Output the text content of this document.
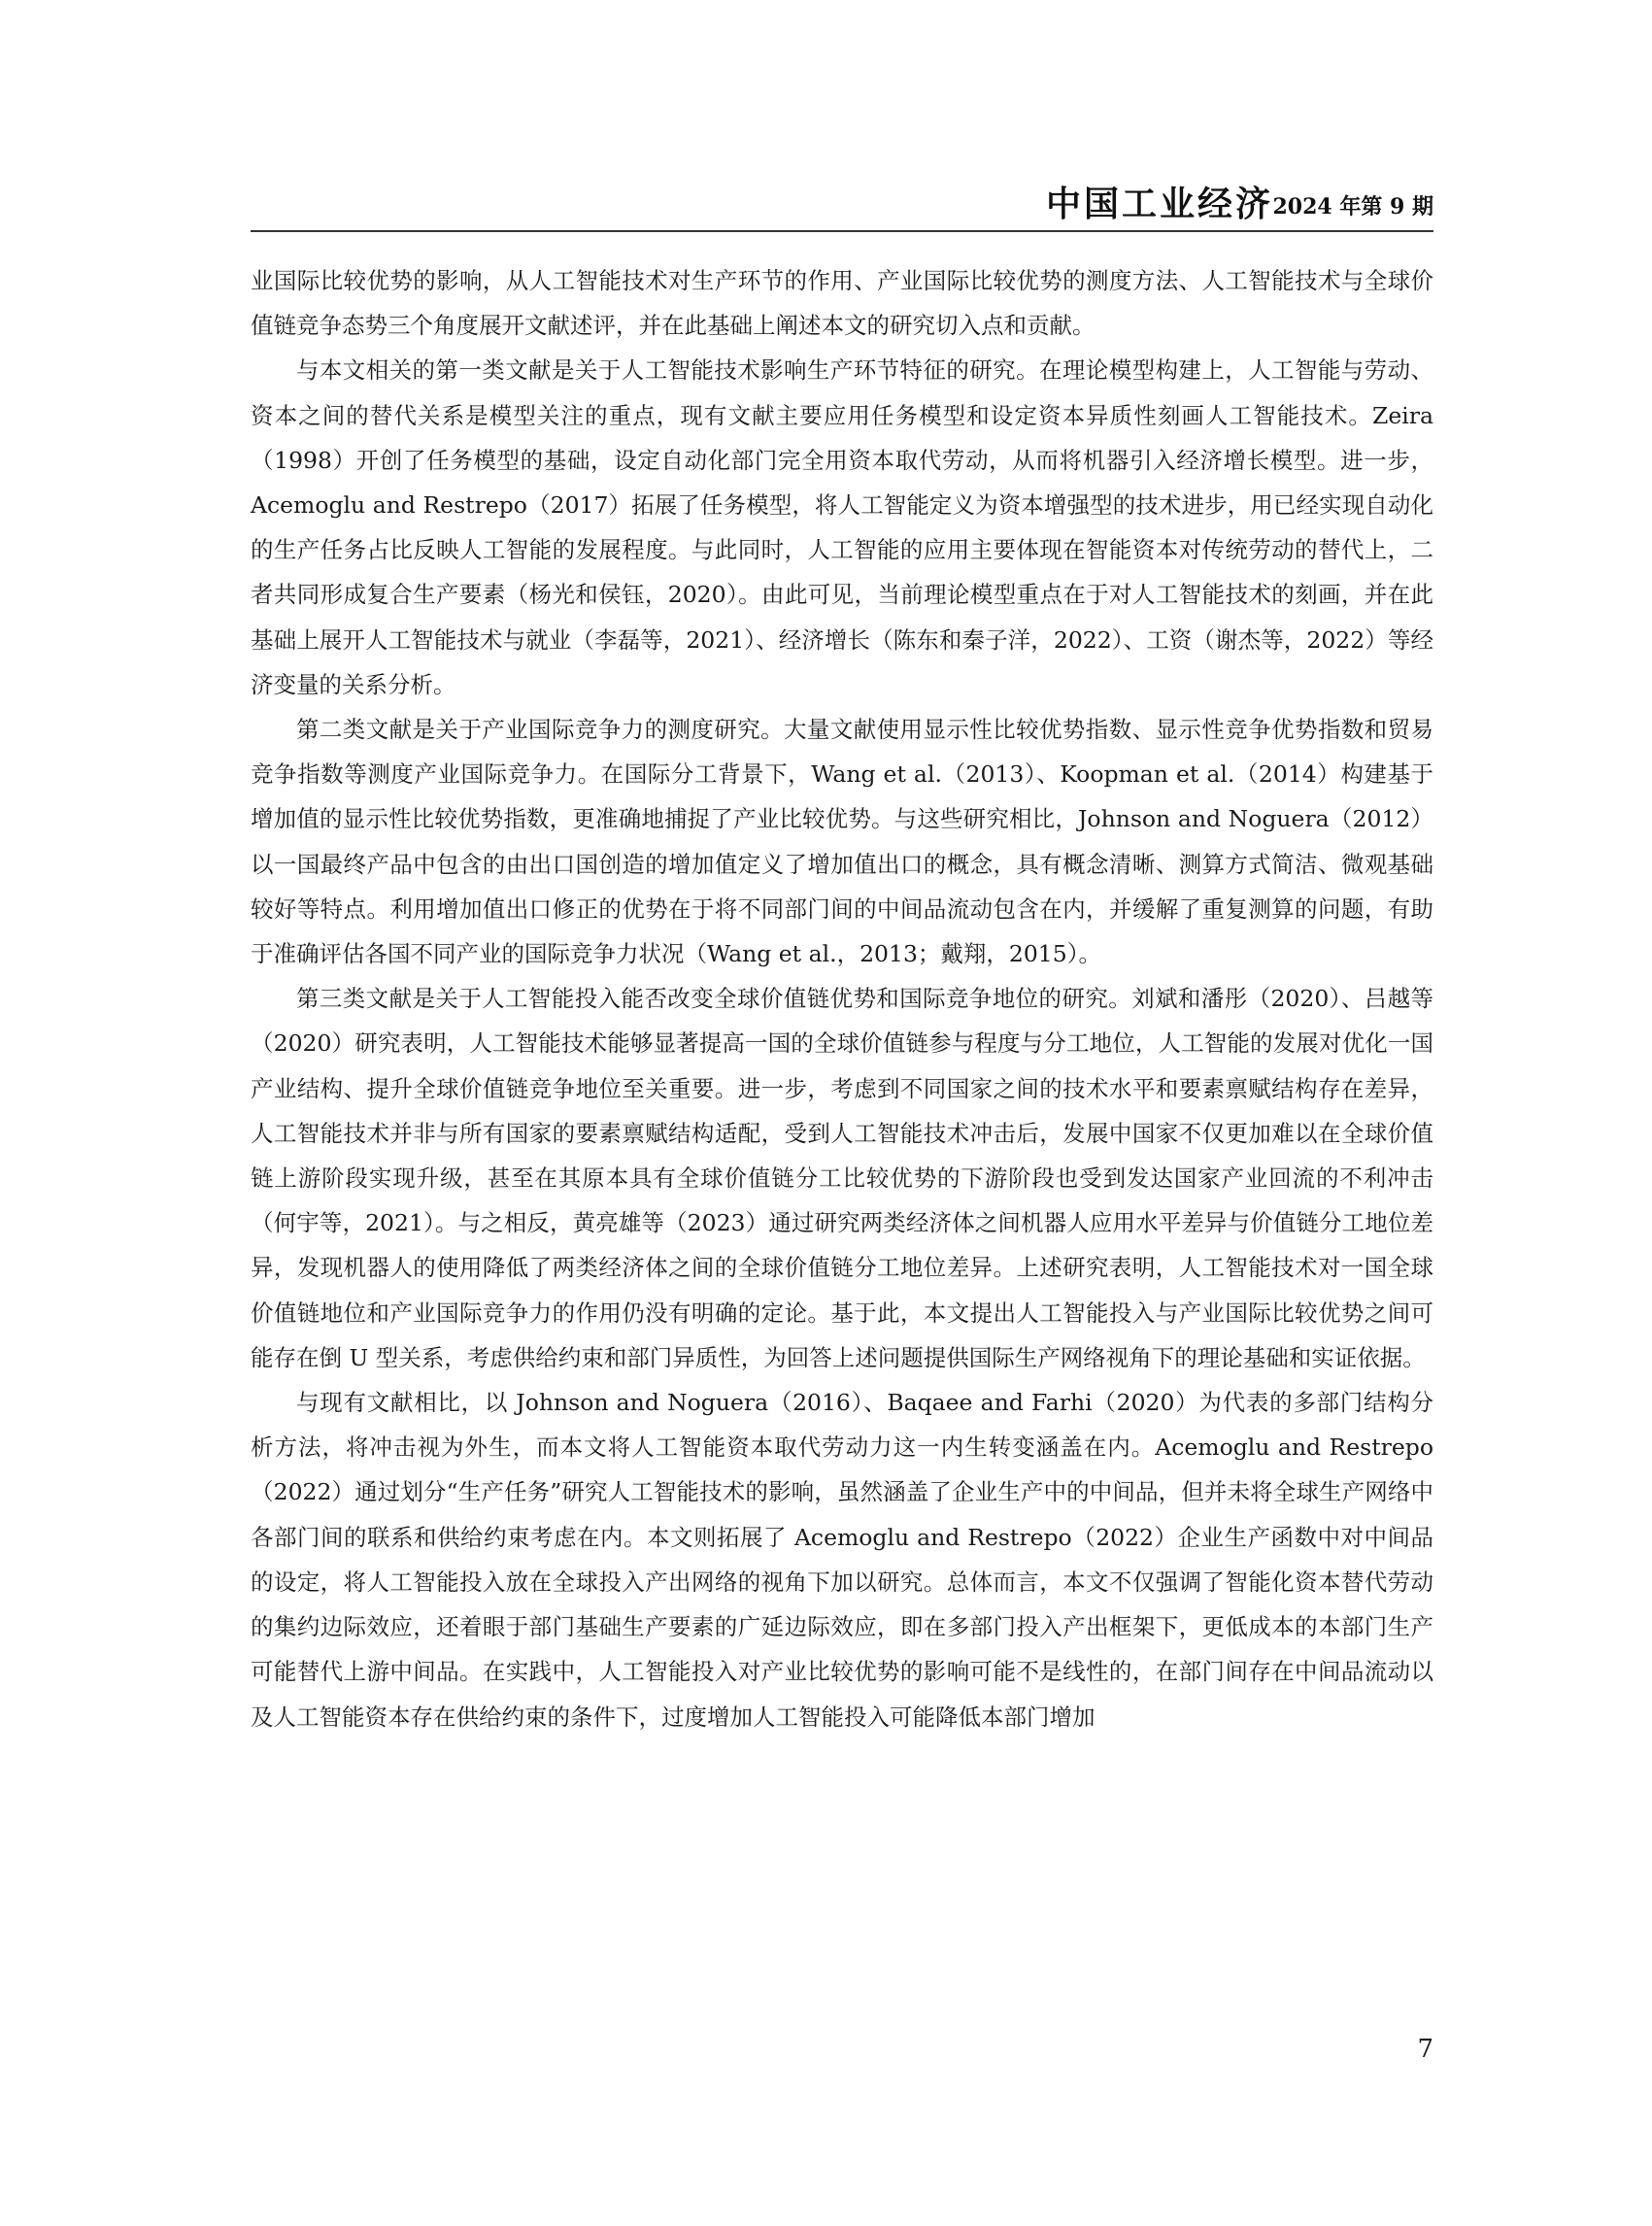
中国工业经济 2024 年第 9 期

业国际比较优势的影响，从人工智能技术对生产环节的作用、产业国际比较优势的测度方法、人工智能技术与全球价值链竞争态势三个角度展开文献述评，并在此基础上阐述本文的研究切入点和贡献。

与本文相关的第一类文献是关于人工智能技术影响生产环节特征的研究。在理论模型构建上，人工智能与劳动、资本之间的替代关系是模型关注的重点，现有文献主要应用任务模型和设定资本异质性刻画人工智能技术。Zeira（1998）开创了任务模型的基础，设定自动化部门完全用资本取代劳动，从而将机器引入经济增长模型。进一步，Acemoglu and Restrepo（2017）拓展了任务模型，将人工智能定义为资本增强型的技术进步，用已经实现自动化的生产任务占比反映人工智能的发展程度。与此同时，人工智能的应用主要体现在智能资本对传统劳动的替代上，二者共同形成复合生产要素（杨光和侯钰，2020）。由此可见，当前理论模型重点在于对人工智能技术的刻画，并在此基础上展开人工智能技术与就业（李磊等，2021）、经济增长（陈东和秦子洋，2022）、工资（谢杰等，2022）等经济变量的关系分析。

第二类文献是关于产业国际竞争力的测度研究。大量文献使用显示性比较优势指数、显示性竞争优势指数和贸易竞争指数等测度产业国际竞争力。在国际分工背景下，Wang et al.（2013）、Koopman et al.（2014）构建基于增加值的显示性比较优势指数，更准确地捕捉了产业比较优势。与这些研究相比，Johnson and Noguera（2012）以一国最终产品中包含的由出口国创造的增加值定义了增加值出口的概念，具有概念清晰、测算方式简洁、微观基础较好等特点。利用增加值出口修正的优势在于将不同部门间的中间品流动包含在内，并缓解了重复测算的问题，有助于准确评估各国不同产业的国际竞争力状况（Wang et al.，2013；戴翔，2015）。

第三类文献是关于人工智能投入能否改变全球价值链优势和国际竞争地位的研究。刘斌和潘彤（2020）、吕越等（2020）研究表明，人工智能技术能够显著提高一国的全球价值链参与程度与分工地位，人工智能的发展对优化一国产业结构、提升全球价值链竞争地位至关重要。进一步，考虑到不同国家之间的技术水平和要素禀赋结构存在差异，人工智能技术并非与所有国家的要素禀赋结构适配，受到人工智能技术冲击后，发展中国家不仅更加难以在全球价值链上游阶段实现升级，甚至在其原本具有全球价值链分工比较优势的下游阶段也受到发达国家产业回流的不利冲击（何宇等，2021）。与之相反，黄亮雄等（2023）通过研究两类经济体之间机器人应用水平差异与价值链分工地位差异，发现机器人的使用降低了两类经济体之间的全球价值链分工地位差异。上述研究表明，人工智能技术对一国全球价值链地位和产业国际竞争力的作用仍没有明确的定论。基于此，本文提出人工智能投入与产业国际比较优势之间可能存在倒 U 型关系，考虑供给约束和部门异质性，为回答上述问题提供国际生产网络视角下的理论基础和实证依据。

与现有文献相比，以 Johnson and Noguera（2016）、Baqaee and Farhi（2020）为代表的多部门结构分析方法，将冲击视为外生，而本文将人工智能资本取代劳动力这一内生转变涵盖在内。Acemoglu and Restrepo（2022）通过划分“生产任务”研究人工智能技术的影响，虽然涵盖了企业生产中的中间品，但并未将全球生产网络中各部门间的联系和供给约束考虑在内。本文则拓展了 Acemoglu and Restrepo（2022）企业生产函数中对中间品的设定，将人工智能投入放在全球投入产出网络的视角下加以研究。总体而言，本文不仅强调了智能化资本替代劳动的集约边际效应，还着眼于部门基础生产要素的广延边际效应，即在多部门投入产出框架下，更低成本的本部门生产可能替代上游中间品。在实践中，人工智能投入对产业比较优势的影响可能不是线性的，在部门间存在中间品流动以及人工智能资本存在供给约束的条件下，过度增加人工智能投入可能降低本部门增加

7
